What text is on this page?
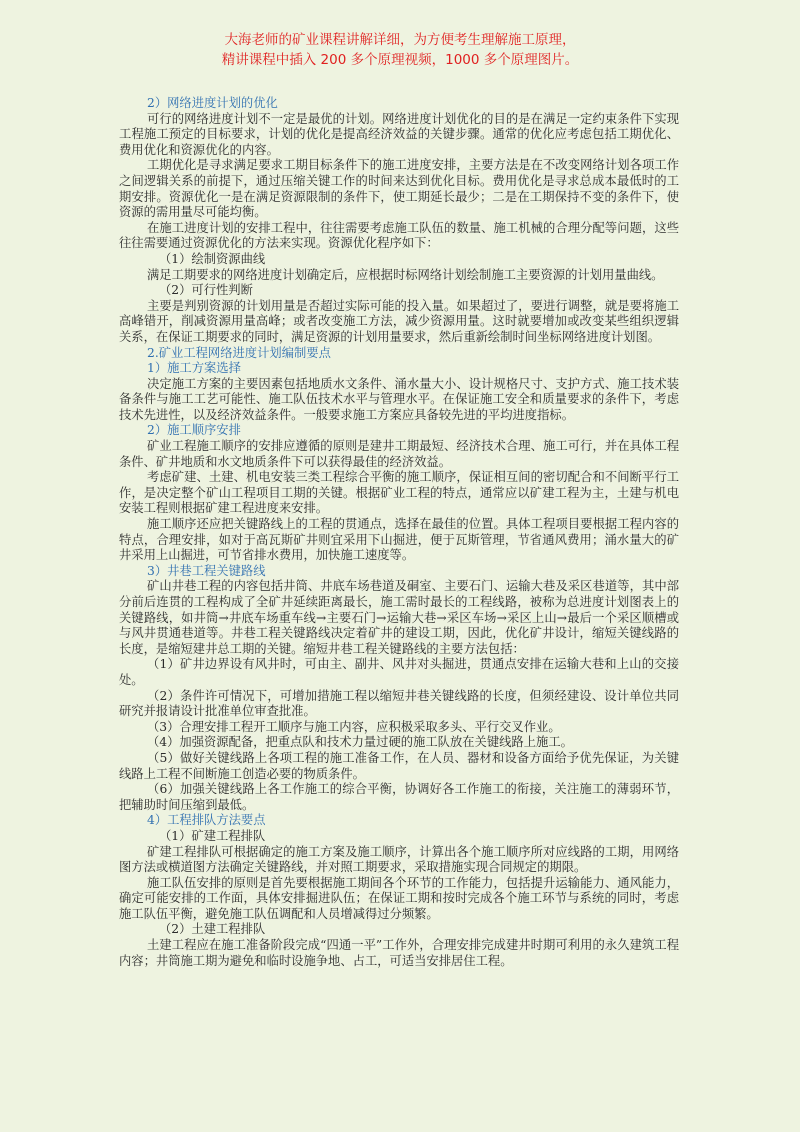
大海老师的矿业课程讲解详细，为方便考生理解施工原理，
精讲课程中插入 200 多个原理视频，1000 多个原理图片。

2）网络进度计划的优化

可行的网络进度计划不一定是最优的计划。网络进度计划优化的目的是在满足一定约束条件下实现工程施工预定的目标要求，计划的优化是提高经济效益的关键步骤。通常的优化应考虑包括工期优化、费用优化和资源优化的内容。

工期优化是寻求满足要求工期目标条件下的施工进度安排，主要方法是在不改变网络计划各项工作之间逻辑关系的前提下，通过压缩关键工作的时间来达到优化目标。费用优化是寻求总成本最低时的工期安排。资源优化一是在满足资源限制的条件下，使工期延长最少；二是在工期保持不变的条件下，使资源的需用量尽可能均衡。

在施工进度计划的安排工程中，往往需要考虑施工队伍的数量、施工机械的合理分配等问题，这些往往需要通过资源优化的方法来实现。资源优化程序如下：

（1）绘制资源曲线

满足工期要求的网络进度计划确定后，应根据时标网络计划绘制施工主要资源的计划用量曲线。

（2）可行性判断

主要是判别资源的计划用量是否超过实际可能的投入量。如果超过了，要进行调整，就是要将施工高峰错开，削减资源用量高峰；或者改变施工方法，减少资源用量。这时就要增加或改变某些组织逻辑关系，在保证工期要求的同时，满足资源的计划用量要求，然后重新绘制时间坐标网络进度计划图。

2.矿业工程网络进度计划编制要点

1）施工方案选择

决定施工方案的主要因素包括地质水文条件、涌水量大小、设计规格尺寸、支护方式、施工技术装备条件与施工工艺可能性、施工队伍技术水平与管理水平。在保证施工安全和质量要求的条件下，考虑技术先进性，以及经济效益条件。一般要求施工方案应具备较先进的平均进度指标。

2）施工顺序安排

矿业工程施工顺序的安排应遵循的原则是建井工期最短、经济技术合理、施工可行，并在具体工程条件、矿井地质和水文地质条件下可以获得最佳的经济效益。

考虑矿建、土建、机电安装三类工程综合平衡的施工顺序，保证相互间的密切配合和不间断平行工作，是决定整个矿山工程项目工期的关键。根据矿业工程的特点，通常应以矿建工程为主，土建与机电安装工程则根据矿建工程进度来安排。

施工顺序还应把关键路线上的工程的贯通点，选择在最佳的位置。具体工程项目要根据工程内容的特点，合理安排，如对于高瓦斯矿井则宜采用下山掘进，便于瓦斯管理，节省通风费用；涌水量大的矿井采用上山掘进，可节省排水费用，加快施工速度等。

3）井巷工程关键路线

矿山井巷工程的内容包括井筒、井底车场巷道及硐室、主要石门、运输大巷及采区巷道等，其中部分前后连贯的工程构成了全矿井延续距离最长，施工需时最长的工程线路，被称为总进度计划图表上的关键路线，如井筒→井底车场重车线→主要石门→运输大巷→采区车场→采区上山→最后一个采区顺槽或与风井贯通巷道等。井巷工程关键路线决定着矿井的建设工期，因此，优化矿井设计，缩短关键线路的长度，是缩短建井总工期的关键。缩短井巷工程关键路线的主要方法包括：

（1）矿井边界设有风井时，可由主、副井、风井对头掘进，贯通点安排在运输大巷和上山的交接处。

（2）条件许可情况下，可增加措施工程以缩短井巷关键线路的长度，但须经建设、设计单位共同研究并报请设计批准单位审查批准。

（3）合理安排工程开工顺序与施工内容，应积极采取多头、平行交叉作业。

（4）加强资源配备，把重点队和技术力量过硬的施工队放在关键线路上施工。

（5）做好关键线路上各项工程的施工准备工作，在人员、器材和设备方面给予优先保证，为关键线路上工程不间断施工创造必要的物质条件。

（6）加强关键线路上各工作施工的综合平衡，协调好各工作施工的衔接，关注施工的薄弱环节，把辅助时间压缩到最低。

4）工程排队方法要点

（1）矿建工程排队

矿建工程排队可根据确定的施工方案及施工顺序，计算出各个施工顺序所对应线路的工期，用网络图方法或横道图方法确定关键路线，并对照工期要求，采取措施实现合同规定的期限。

施工队伍安排的原则是首先要根据施工期间各个环节的工作能力，包括提升运输能力、通风能力，确定可能安排的工作面，具体安排掘进队伍；在保证工期和按时完成各个施工环节与系统的同时，考虑施工队伍平衡，避免施工队伍调配和人员增减得过分频繁。

（2）土建工程排队

土建工程应在施工准备阶段完成“四通一平”工作外，合理安排完成建井时期可利用的永久建筑工程内容；井筒施工期为避免和临时设施争地、占工，可适当安排居住工程。
